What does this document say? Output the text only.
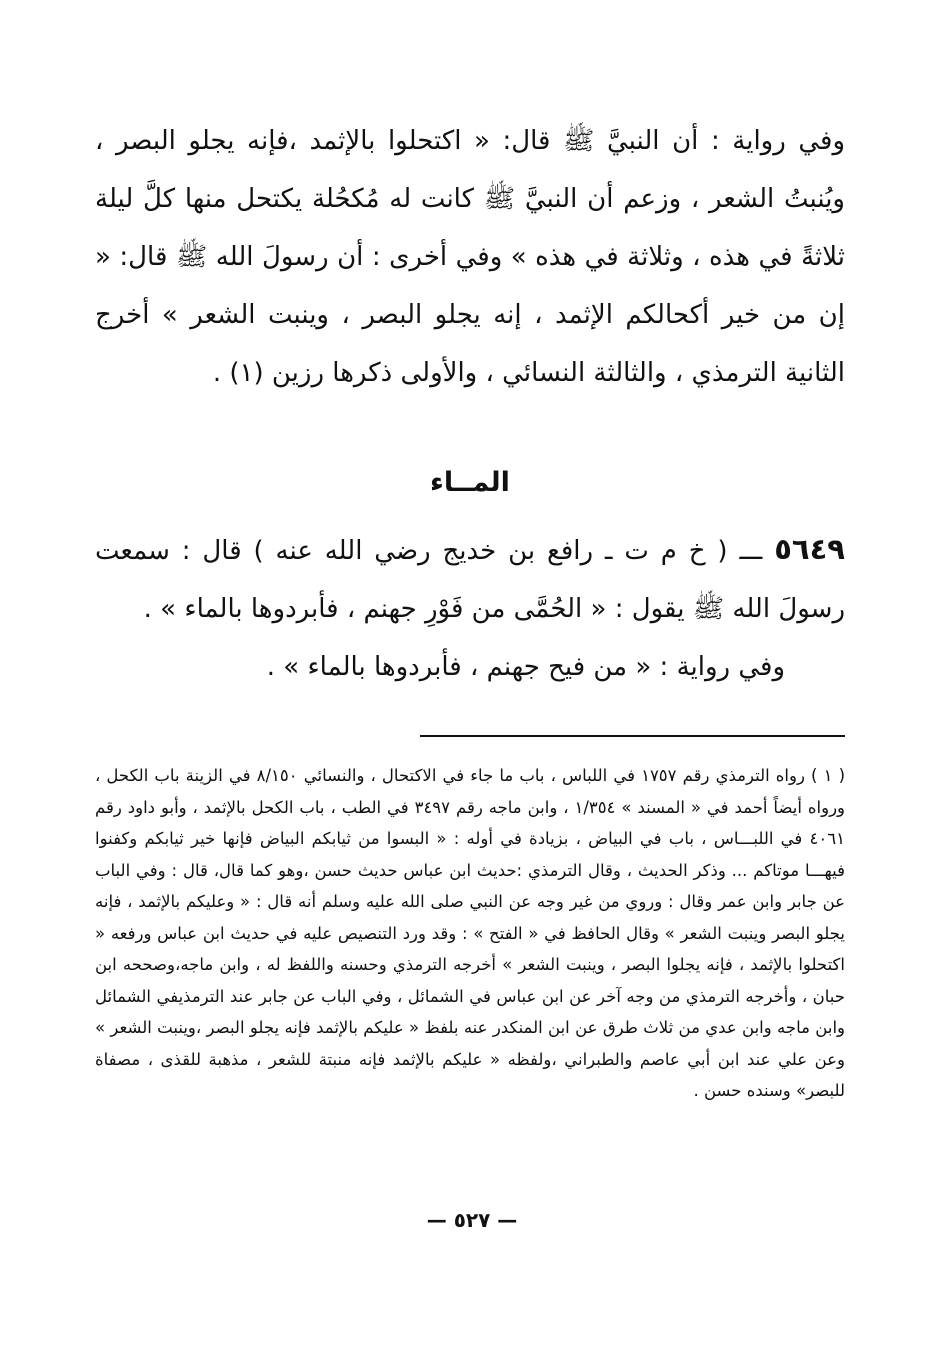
وفي رواية : أن النبيَّ ﷺ قال: « اكتحلوا بالإثمد ،فإنه يجلو البصر ، ويُنبتُ الشعر ، وزعم أن النبيَّ ﷺ كانت له مُكحُلة يكتحل منها كلَّ ليلة ثلاثةً في هذه ، وثلاثة في هذه » وفي أخرى : أن رسولَ الله ﷺ قال: « إن من خير أكحالكم الإثمد ، إنه يجلو البصر ، وينبت الشعر » أخرج الثانية الترمذي ، والثالثة النسائي ، والأولى ذكرها رزين (١) .

المــاء

٥٦٤٩ ـــ ( خ م ت ـ رافع بن خديج رضي الله عنه ) قال : سمعت رسولَ الله ﷺ يقول : « الحُمَّى من فَوْرِ جهنم ، فأبردوها بالماء » .

وفي رواية : « من فيح جهنم ، فأبردوها بالماء » .

( ١ ) رواه الترمذي رقم ١٧٥٧ في اللباس ، باب ما جاء في الاكتحال ، والنسائي ٨/١٥٠ في الزينة باب الكحل ، ورواه أيضاً أحمد في « المسند » ١/٣٥٤ ، وابن ماجه رقم ٣٤٩٧ في الطب ، باب الكحل بالإثمد ، وأبو داود رقم ٤٠٦١ في اللبـــاس ، باب في البياض ، بزيادة في أوله : « البسوا من ثيابكم البياض فإنها خير ثيابكم وكفنوا فيهـــا موتاكم ... وذكر الحديث ، وقال الترمذي :حديث ابن عباس حديث حسن ،وهو كما قال، قال : وفي الباب عن جابر وابن عمر وقال : وروي من غير وجه عن النبي صلى الله عليه وسلم أنه قال : « وعليكم بالإثمد ، فإنه يجلو البصر وينبت الشعر » وقال الحافظ في « الفتح » : وقد ورد التنصيص عليه في حديث ابن عباس ورفعه « اكتحلوا بالإثمد ، فإنه يجلوا البصر ، وينبت الشعر » أخرجه الترمذي وحسنه واللفظ له ، وابن ماجه،وصححه ابن حبان ، وأخرجه الترمذي من وجه آخر عن ابن عباس في الشمائل ، وفي الباب عن جابر عند الترمذيفي الشمائل وابن ماجه وابن عدي من ثلاث طرق عن ابن المنكدر عنه بلفظ « عليكم بالإثمد فإنه يجلو البصر ،وينبت الشعر » وعن علي عند ابن أبي عاصم والطبراني ،ولفظه « عليكم بالإثمد فإنه منبتة للشعر ، مذهبة للقذى ، مصفاة للبصر» وسنده حسن .

— ٥٢٧ —
